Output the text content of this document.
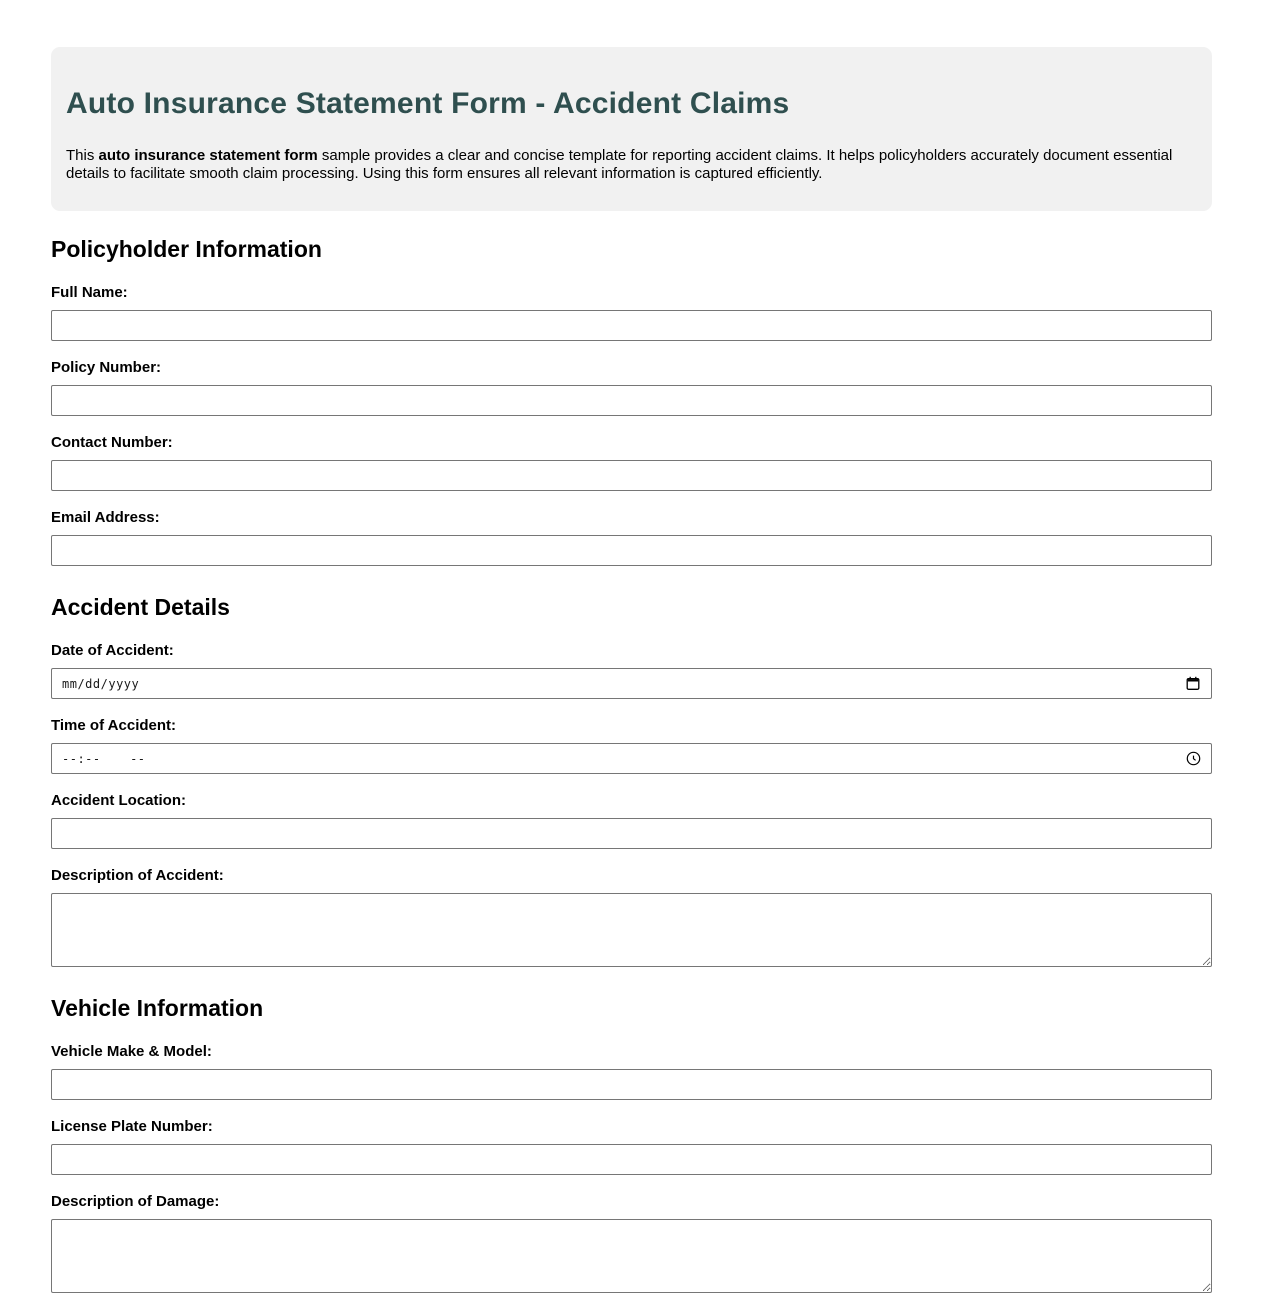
Auto Insurance Statement Form - Accident Claims

This auto insurance statement form sample provides a clear and concise template for reporting accident claims. It helps policyholders accurately document essential details to facilitate smooth claim processing. Using this form ensures all relevant information is captured efficiently.

Policyholder Information
Full Name:
Policy Number:
Contact Number:
Email Address:
Accident Details
Date of Accident:
mm/dd/yyyy
Time of Accident:
--:--  --
Accident Location:
Description of Accident:
Vehicle Information
Vehicle Make & Model:
License Plate Number:
Description of Damage:
